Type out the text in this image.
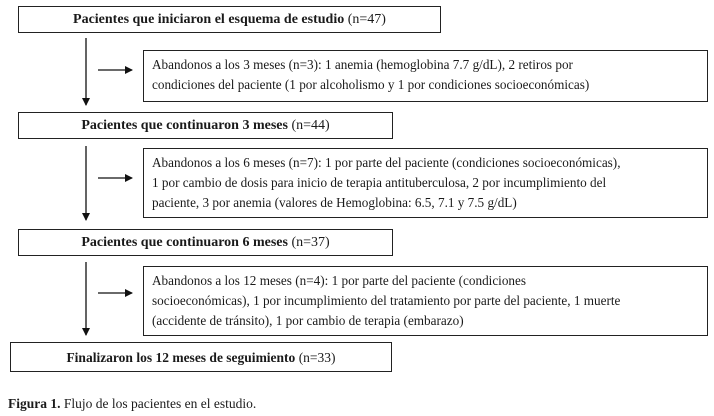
Pacientes que iniciaron el esquema de estudio (n=47)
Pacientes que continuaron 3 meses (n=44)
Pacientes que continuaron 6 meses (n=37)
Finalizaron los 12 meses de seguimiento (n=33)
Abandonos a los 3 meses (n=3): 1 anemia (hemoglobina 7.7 g/dL), 2 retiros por
condiciones del paciente (1 por alcoholismo y 1 por condiciones socioeconómicas)
Abandonos a los 6 meses (n=7): 1 por parte del paciente (condiciones socioeconómicas),
1 por cambio de dosis para inicio de terapia antituberculosa, 2 por incumplimiento del
paciente, 3 por anemia (valores de Hemoglobina: 6.5, 7.1 y 7.5 g/dL)
Abandonos a los 12 meses (n=4): 1 por parte del paciente (condiciones
socioeconómicas), 1 por incumplimiento del tratamiento por parte del paciente, 1 muerte
(accidente de tránsito), 1 por cambio de terapia (embarazo)
Figura 1. Flujo de los pacientes en el estudio.
